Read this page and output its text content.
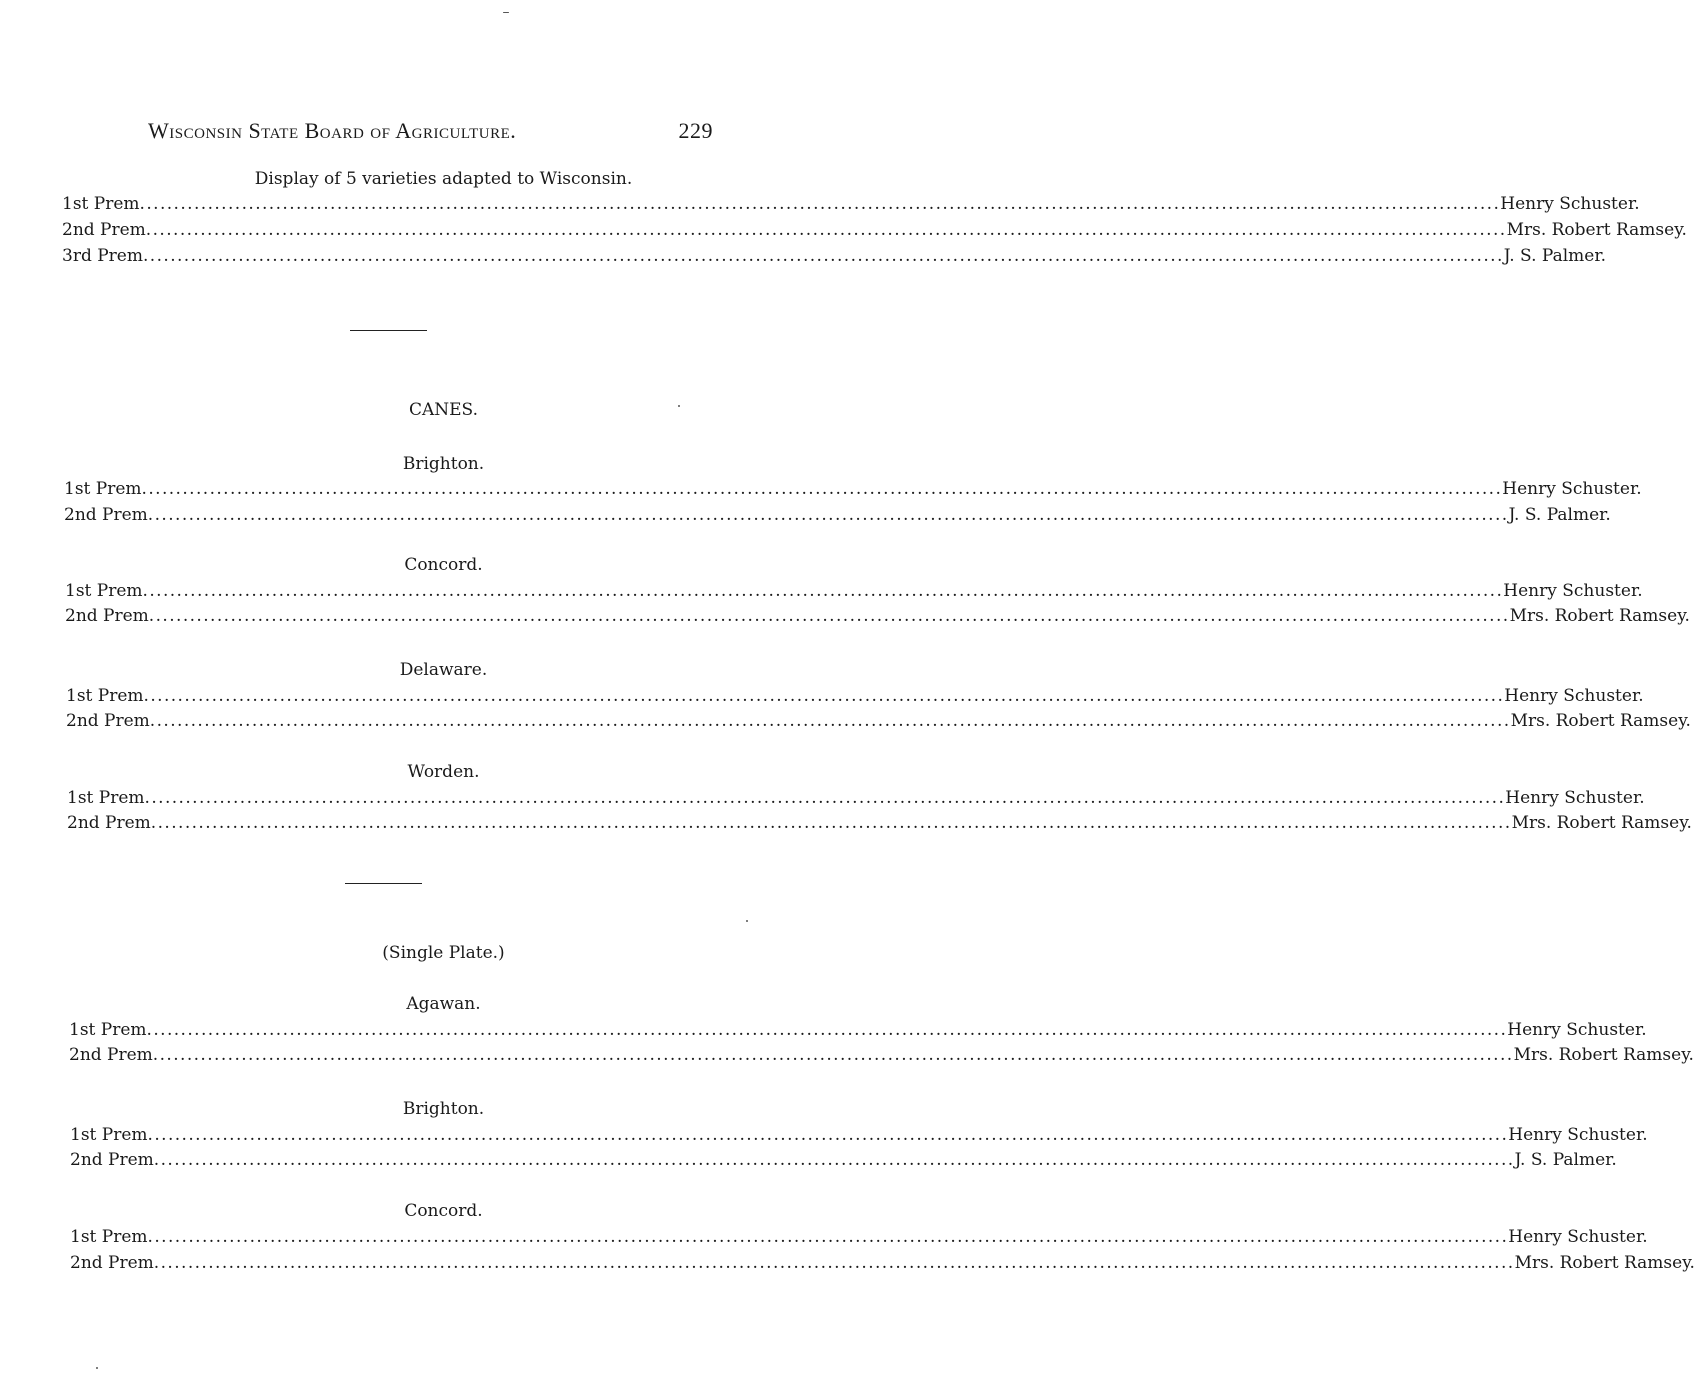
Wisconsin State Board of Agriculture.	229
Display of 5 varieties adapted to Wisconsin.
1st Prem ........................................................................................................................................................................................................ Henry Schuster.
2nd Prem ........................................................................................................................................................................................................ Mrs. Robert Ramsey.
3rd Prem ........................................................................................................................................................................................................ J. S. Palmer.
CANES.
Brighton.
1st Prem ........................................................................................................................................................................................................ Henry Schuster.
2nd Prem ........................................................................................................................................................................................................ J. S. Palmer.
Concord.
1st Prem ........................................................................................................................................................................................................ Henry Schuster.
2nd Prem ........................................................................................................................................................................................................ Mrs. Robert Ramsey.
Delaware.
1st Prem ........................................................................................................................................................................................................ Henry Schuster.
2nd Prem ........................................................................................................................................................................................................ Mrs. Robert Ramsey.
Worden.
1st Prem ........................................................................................................................................................................................................ Henry Schuster.
2nd Prem ........................................................................................................................................................................................................ Mrs. Robert Ramsey.
(Single Plate.)
Agawan.
1st Prem ........................................................................................................................................................................................................ Henry Schuster.
2nd Prem ........................................................................................................................................................................................................ Mrs. Robert Ramsey.
Brighton.
1st Prem ........................................................................................................................................................................................................ Henry Schuster.
2nd Prem ........................................................................................................................................................................................................ J. S. Palmer.
Concord.
1st Prem ........................................................................................................................................................................................................ Henry Schuster.
2nd Prem ........................................................................................................................................................................................................ Mrs. Robert Ramsey.
